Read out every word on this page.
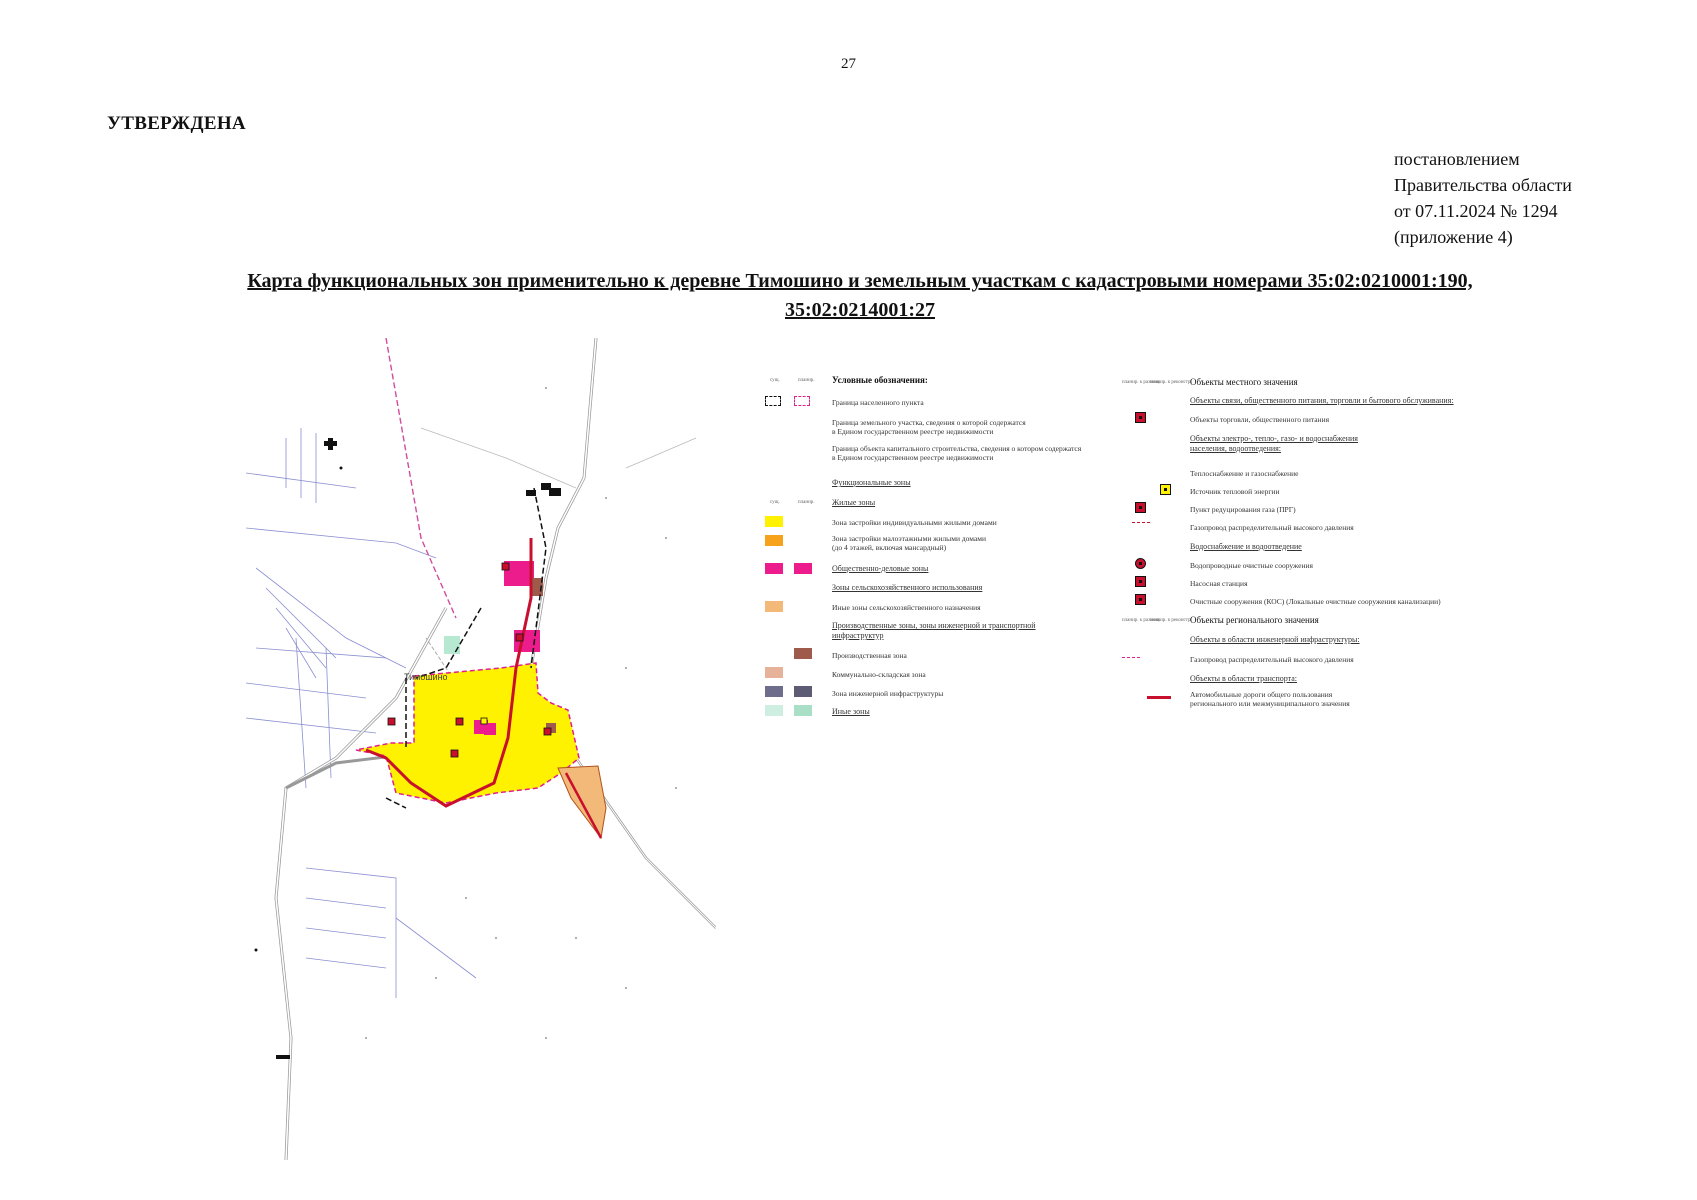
27
УТВЕРЖДЕНА
постановлением
Правительства области
от 07.11.2024 № 1294
(приложение 4)
Карта функциональных зон применительно к деревне Тимошино и земельным участкам с кадастровыми номерами 35:02:0210001:190,
35:02:0214001:27
Тимошино
сущ.	планир. Условные обозначения:
Граница населенного пункта
Граница земельного участка, сведения о которой содержатся
в Едином государственном реестре недвижимости
Граница объекта капитального строительства, сведения о котором содержатся
в Едином государственном реестре недвижимости
Функциональные зоны
сущ.	планир. Жилые зоны
Зона застройки индивидуальными жилыми домами
Зона застройки малоэтажными жилыми домами
(до 4 этажей, включая мансардный)
Общественно-деловые зоны
Зоны сельскохозяйственного использования
Иные зоны сельскохозяйственного назначения
Производственные зоны, зоны инженерной и транспортной
инфраструктур
Производственная зона
Коммунально-складская зона
Зона инженерной инфраструктуры
Иные зоны
планир. к размещ.
планир. к реконстр.
Объекты местного значения
Объекты связи, общественного питания, торговли и бытового обслуживания:
Объекты торговли, общественного питания
Объекты электро-, тепло-, газо- и водоснабжения
населения, водоотведения:
Теплоснабжение и газоснабжение
Источник тепловой энергии
Пункт редуцирования газа (ПРГ)
Газопровод распределительный высокого давления
Водоснабжение и водоотведение
Водопроводные очистные сооружения
Насосная станция
Очистные сооружения (КОС) (Локальные очистные сооружения канализации)
планир. к размещ.
планир. к реконстр.
Объекты регионального значения
Объекты в области инженерной инфраструктуры:
Газопровод распределительный высокого давления
Объекты в области транспорта:
Автомобильные дороги общего пользования
регионального или межмуниципального значения
